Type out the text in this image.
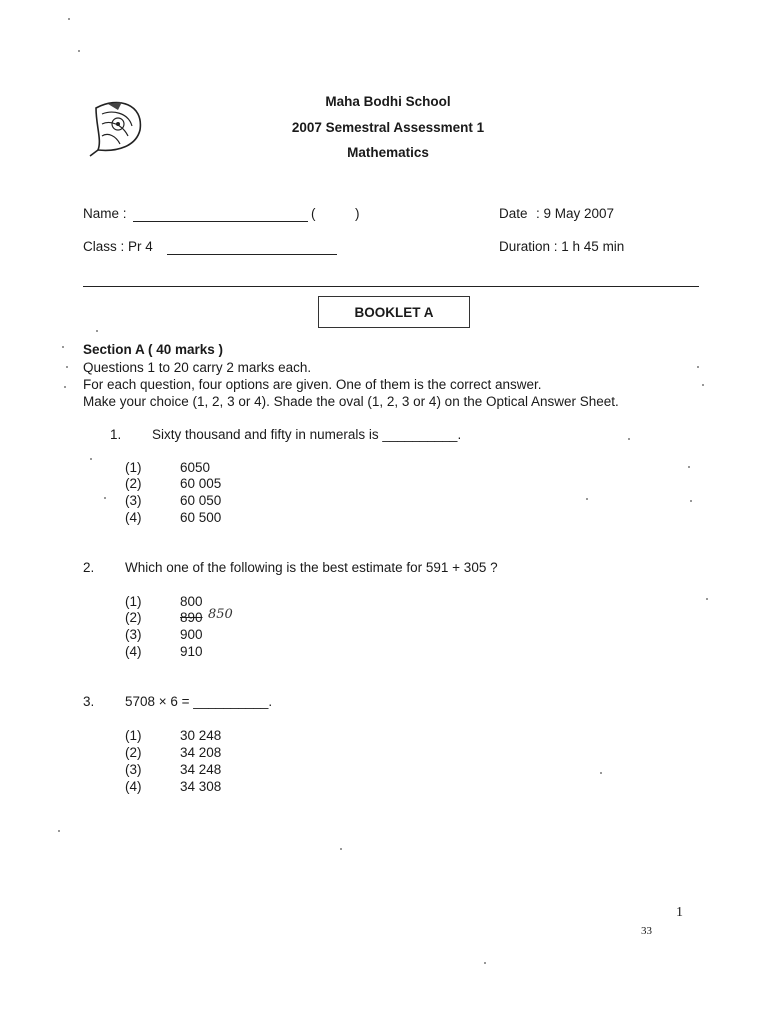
Maha Bodhi School
2007 Semestral Assessment 1
Mathematics
Name :	(	)
Class : Pr 4
Date : 9 May 2007
Duration : 1 h 45 min
BOOKLET A
Section A ( 40 marks )
Questions 1 to 20 carry 2 marks each.
For each question, four options are given. One of them is the correct answer.
Make your choice (1, 2, 3 or 4). Shade the oval (1, 2, 3 or 4) on the Optical Answer Sheet.
1. Sixty thousand and fifty in numerals is __________.
(1)	6050
(2)	60 005
(3)	60 050
(4)	60 500
2. Which one of the following is the best estimate for 591 + 305 ?
(1)	800
(2)	890 850
(3)	900
(4)	910
3. 5708 × 6 = __________.
(1)	30 248
(2)	34 208
(3)	34 248
(4)	34 308
1
33
